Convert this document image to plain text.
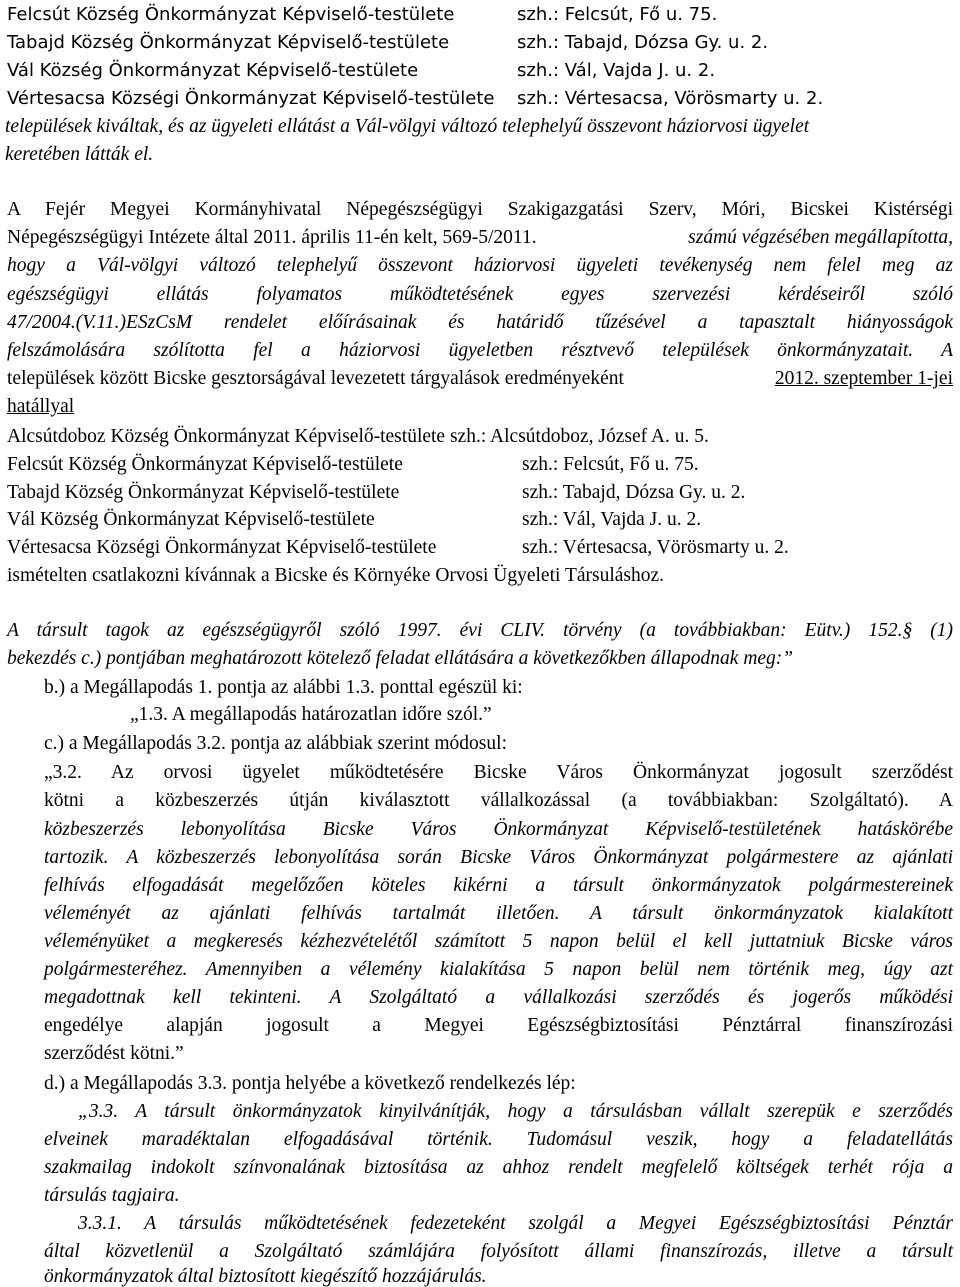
Felcsút Község Önkormányzat Képviselő-testülete	szh.: Felcsút, Fő u. 75.
Tabajd Község Önkormányzat Képviselő-testülete	szh.: Tabajd, Dózsa Gy. u. 2.
Vál Község Önkormányzat Képviselő-testülete	szh.: Vál, Vajda J. u. 2.
Vértesacsa Községi Önkormányzat Képviselő-testülete szh.: Vértesacsa, Vörösmarty u. 2.
települések kiváltak, és az ügyeleti ellátást a Vál-völgyi változó telephelyű összevont háziorvosi ügyelet
keretében látták el.
A Fejér Megyei Kormányhivatal Népegészségügyi Szakigazgatási Szerv, Móri, Bicskei Kistérségi
Népegészségügyi Intézete által 2011. április 11-én kelt, 569-5/2011.	számú végzésében megállapította,
hogy a Vál-völgyi változó telephelyű összevont háziorvosi ügyeleti tevékenység nem felel meg az
egészségügyi ellátás folyamatos működtetésének egyes szervezési kérdéseiről szóló
47/2004.(V.11.)ESzCsM rendelet előírásainak és határidő tűzésével a tapasztalt hiányosságok
felszámolására szólította fel a háziorvosi ügyeletben résztvevő települések önkormányzatait. A
települések között Bicske gesztorságával levezetett tárgyalások eredményeként	2012. szeptember 1-jei
hatállyal
Alcsútdoboz Község Önkormányzat Képviselő-testülete szh.: Alcsútdoboz, József A. u. 5.
Felcsút Község Önkormányzat Képviselő-testülete	szh.: Felcsút, Fő u. 75.
Tabajd Község Önkormányzat Képviselő-testülete	szh.: Tabajd, Dózsa Gy. u. 2.
Vál Község Önkormányzat Képviselő-testülete	szh.: Vál, Vajda J. u. 2.
Vértesacsa Községi Önkormányzat Képviselő-testülete	szh.: Vértesacsa, Vörösmarty u. 2.
ismételten csatlakozni kívánnak a Bicske és Környéke Orvosi Ügyeleti Társuláshoz.
A társult tagok az egészségügyről szóló 1997. évi CLIV. törvény (a továbbiakban: Eütv.) 152.§ (1)
bekezdés c.) pontjában meghatározott kötelező feladat ellátására a következőkben állapodnak meg:”
b.) a Megállapodás 1. pontja az alábbi 1.3. ponttal egészül ki:
„1.3. A megállapodás határozatlan időre szól.”
c.) a Megállapodás 3.2. pontja az alábbiak szerint módosul:
„3.2. Az orvosi ügyelet működtetésére Bicske Város Önkormányzat jogosult szerződést
kötni a közbeszerzés útján kiválasztott vállalkozással (a továbbiakban: Szolgáltató). A
közbeszerzés lebonyolítása Bicske Város Önkormányzat Képviselő-testületének hatáskörébe
tartozik. A közbeszerzés lebonyolítása során Bicske Város Önkormányzat polgármestere az ajánlati
felhívás elfogadását megelőzően köteles kikérni a társult önkormányzatok polgármestereinek
véleményét az ajánlati felhívás tartalmát illetően. A társult önkormányzatok kialakított
véleményüket a megkeresés kézhezvételétől számított 5 napon belül el kell juttatniuk Bicske város
polgármesteréhez. Amennyiben a vélemény kialakítása 5 napon belül nem történik meg, úgy azt
megadottnak kell tekinteni. A Szolgáltató a vállalkozási szerződés és jogerős működési
engedélye alapján jogosult a Megyei Egészségbiztosítási Pénztárral finanszírozási
szerződést kötni.”
d.) a Megállapodás 3.3. pontja helyébe a következő rendelkezés lép:
„3.3. A társult önkormányzatok kinyilvánítják, hogy a társulásban vállalt szerepük e szerződés
elveinek maradéktalan elfogadásával történik. Tudomásul veszik, hogy a feladatellátás
szakmailag indokolt színvonalának biztosítása az ahhoz rendelt megfelelő költségek terhét rója a
társulás tagjaira.
3.3.1. A társulás működtetésének fedezeteként szolgál a Megyei Egészségbiztosítási Pénztár
által közvetlenül a Szolgáltató számlájára folyósított állami finanszírozás, illetve a társult
önkormányzatok által biztosított kiegészítő hozzájárulás.
